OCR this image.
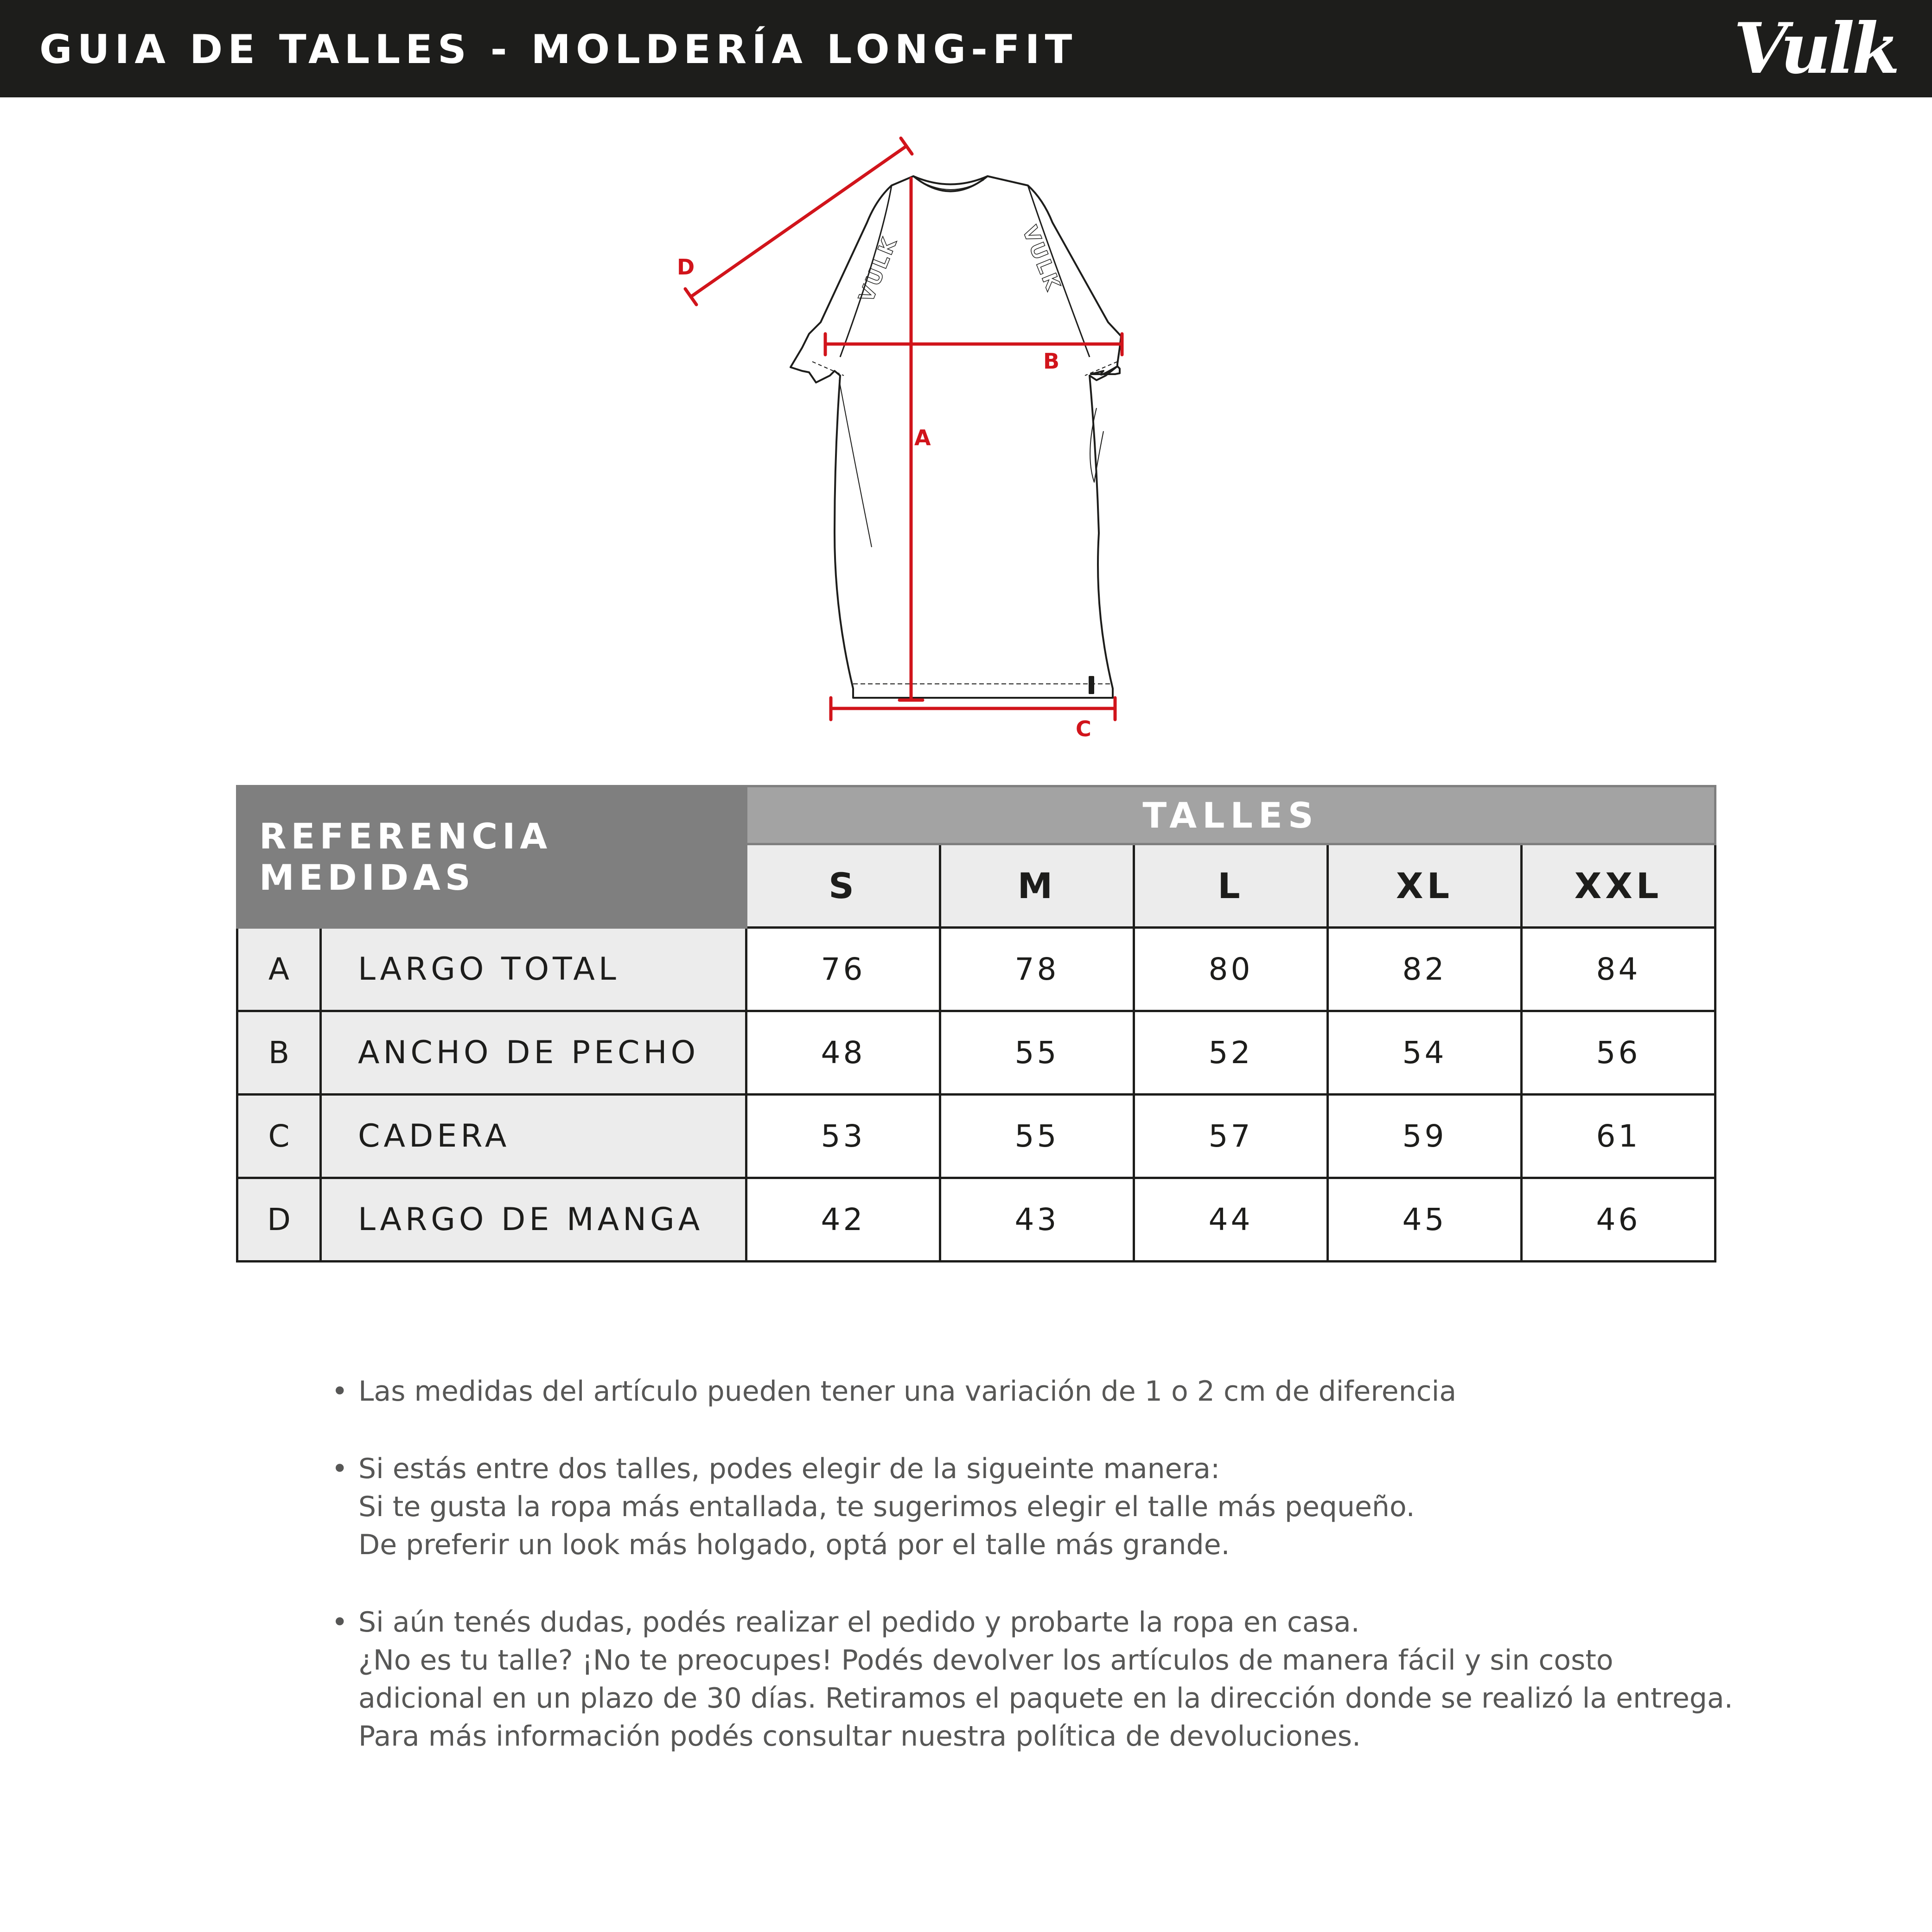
GUIA DE TALLES - MOLDERÍA LONG-FIT	Vulk
VULK	VULK
A
B
C
D
REFERENCIA MEDIDAS		TALLES				
		S	M	L	XL	XXL
A	LARGO TOTAL	76	78	80	82	84
B	ANCHO DE PECHO	48	55	52	54	56
C	CADERA	53	55	57	59	61
D	LARGO DE MANGA	42	43	44	45	46
• Las medidas del artículo pueden tener una variación de 1 o 2 cm de diferencia
• Si estás entre dos talles, podes elegir de la sigueinte manera:
Si te gusta la ropa más entallada, te sugerimos elegir el talle más pequeño.
De preferir un look más holgado, optá por el talle más grande.
• Si aún tenés dudas, podés realizar el pedido y probarte la ropa en casa.
¿No es tu talle? ¡No te preocupes! Podés devolver los artículos de manera fácil y sin costo
adicional en un plazo de 30 días. Retiramos el paquete en la dirección donde se realizó la entrega.
Para más información podés consultar nuestra política de devoluciones.
